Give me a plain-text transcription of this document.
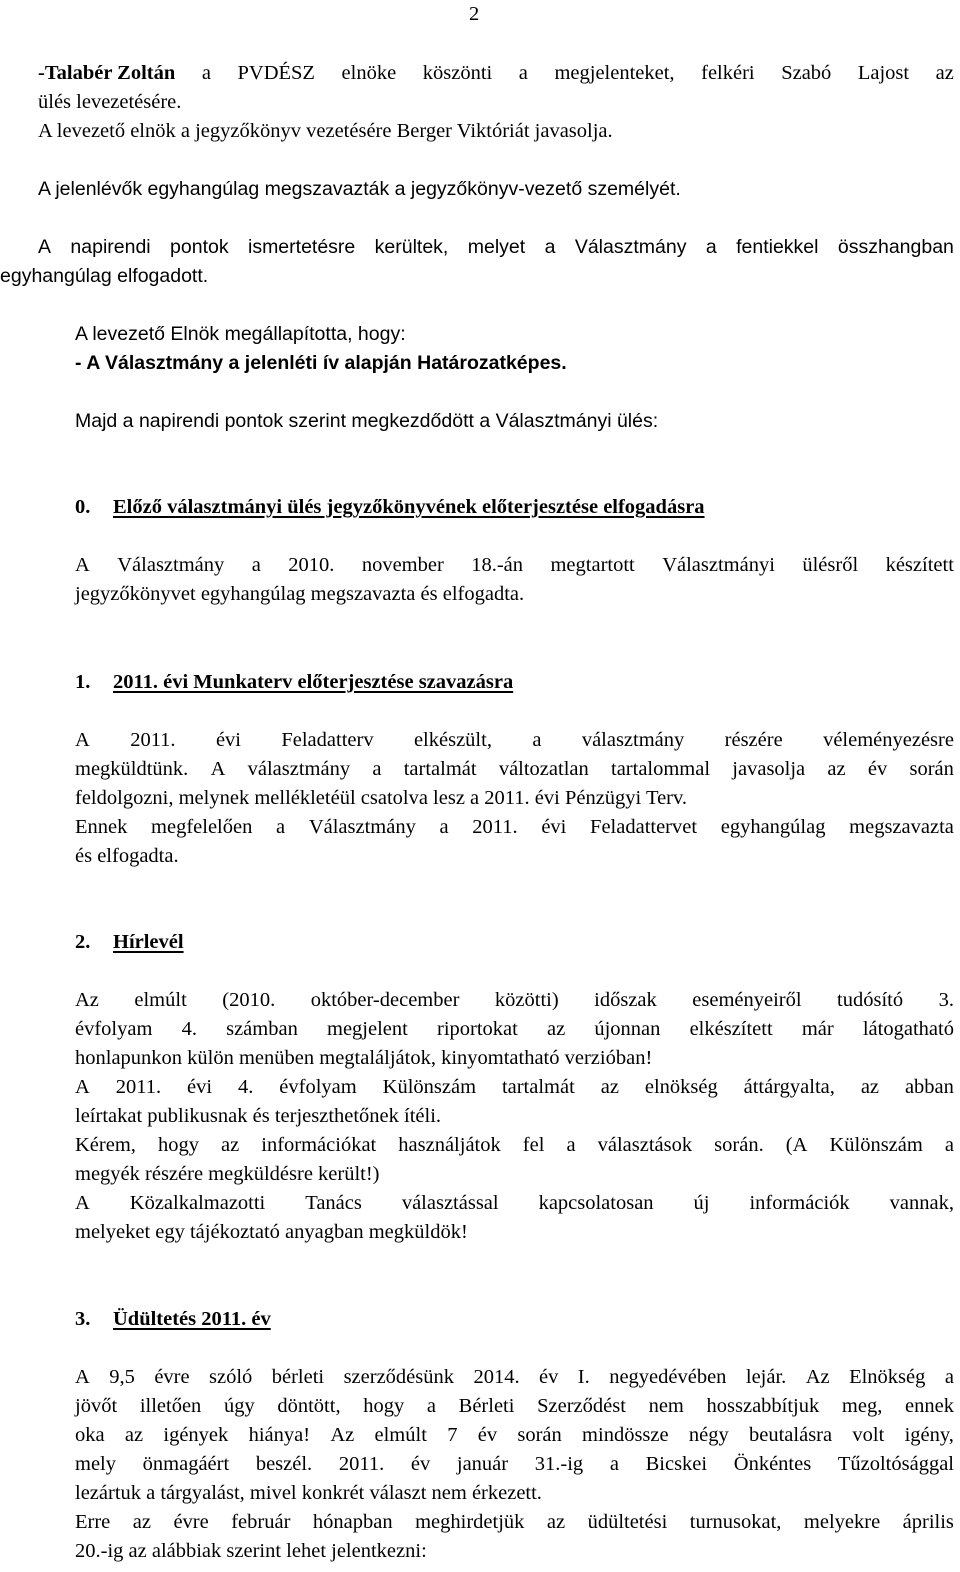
2
-Talabér Zoltán a PVDÉSZ elnöke köszönti a megjelenteket, felkéri Szabó Lajost az
ülés levezetésére.
A levezető elnök a jegyzőkönyv vezetésére Berger Viktóriát javasolja.
A jelenlévők egyhangúlag megszavazták a jegyzőkönyv-vezető személyét.
A napirendi pontok ismertetésre kerültek, melyet a Választmány a fentiekkel összhangban
egyhangúlag elfogadott.
A levezető Elnök megállapította, hogy:
- A Választmány a jelenléti ív alapján Határozatképes.
Majd a napirendi pontok szerint megkezdődött a Választmányi ülés:
0. Előző választmányi ülés jegyzőkönyvének előterjesztése elfogadásra
A Választmány a 2010. november 18.-án megtartott Választmányi ülésről készített
jegyzőkönyvet egyhangúlag megszavazta és elfogadta.
1. 2011. évi Munkaterv előterjesztése szavazásra
A 2011. évi Feladatterv elkészült, a választmány részére véleményezésre
megküldtünk. A választmány a tartalmát változatlan tartalommal javasolja az év során
feldolgozni, melynek mellékletéül csatolva lesz a 2011. évi Pénzügyi Terv.
Ennek megfelelően a Választmány a 2011. évi Feladattervet egyhangúlag megszavazta
és elfogadta.
2. Hírlevél
Az elmúlt (2010. október-december közötti) időszak eseményeiről tudósító 3.
évfolyam 4. számban megjelent riportokat az újonnan elkészített már látogatható
honlapunkon külön menüben megtaláljátok, kinyomtatható verzióban!
A 2011. évi 4. évfolyam Különszám tartalmát az elnökség áttárgyalta, az abban
leírtakat publikusnak és terjeszthetőnek ítéli.
Kérem, hogy az információkat használjátok fel a választások során. (A Különszám a
megyék részére megküldésre került!)
A Közalkalmazotti Tanács választással kapcsolatosan új információk vannak,
melyeket egy tájékoztató anyagban megküldök!
3. Üdültetés 2011. év
A 9,5 évre szóló bérleti szerződésünk 2014. év I. negyedévében lejár. Az Elnökség a
jövőt illetően úgy döntött, hogy a Bérleti Szerződést nem hosszabbítjuk meg, ennek
oka az igények hiánya! Az elmúlt 7 év során mindössze négy beutalásra volt igény,
mely önmagáért beszél. 2011. év január 31.-ig a Bicskei Önkéntes Tűzoltósággal
lezártuk a tárgyalást, mivel konkrét választ nem érkezett.
Erre az évre február hónapban meghirdetjük az üdültetési turnusokat, melyekre április
20.-ig az alábbiak szerint lehet jelentkezni:
